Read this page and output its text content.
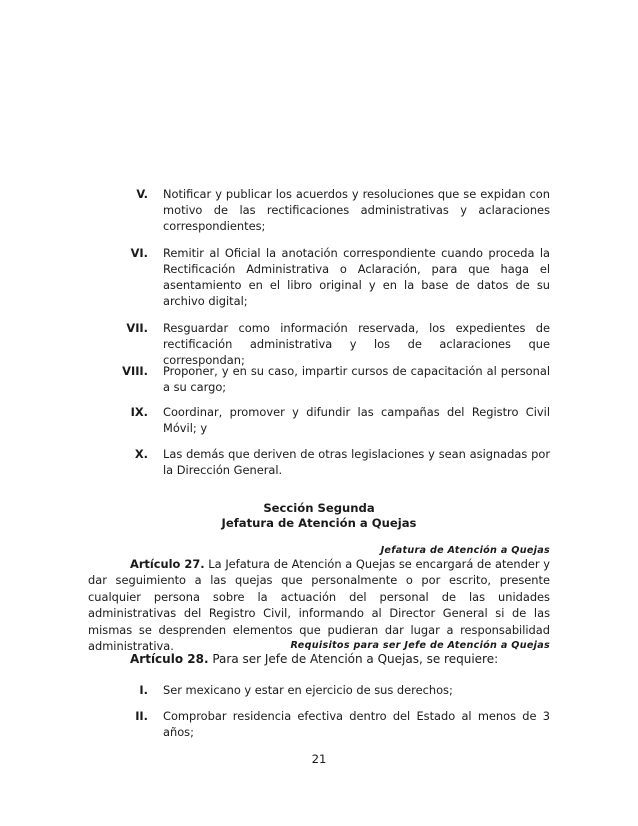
V. Notificar y publicar los acuerdos y resoluciones que se expidan con motivo de las rectificaciones administrativas y aclaraciones correspondientes;
VI. Remitir al Oficial la anotación correspondiente cuando proceda la Rectificación Administrativa o Aclaración, para que haga el asentamiento en el libro original y en la base de datos de su archivo digital;
VII. Resguardar como información reservada, los expedientes de rectificación administrativa y los de aclaraciones que correspondan;
VIII. Proponer, y en su caso, impartir cursos de capacitación al personal a su cargo;
IX. Coordinar, promover y difundir las campañas del Registro Civil Móvil; y
X. Las demás que deriven de otras legislaciones y sean asignadas por la Dirección General.
Sección Segunda
Jefatura de Atención a Quejas
Jefatura de Atención a Quejas
Artículo 27. La Jefatura de Atención a Quejas se encargará de atender y dar seguimiento a las quejas que personalmente o por escrito, presente cualquier persona sobre la actuación del personal de las unidades administrativas del Registro Civil, informando al Director General si de las mismas se desprenden elementos que pudieran dar lugar a responsabilidad administrativa.	Requisitos para ser Jefe de Atención a Quejas
Artículo 28. Para ser Jefe de Atención a Quejas, se requiere:
I. Ser mexicano y estar en ejercicio de sus derechos;
II. Comprobar residencia efectiva dentro del Estado al menos de 3 años;
21
